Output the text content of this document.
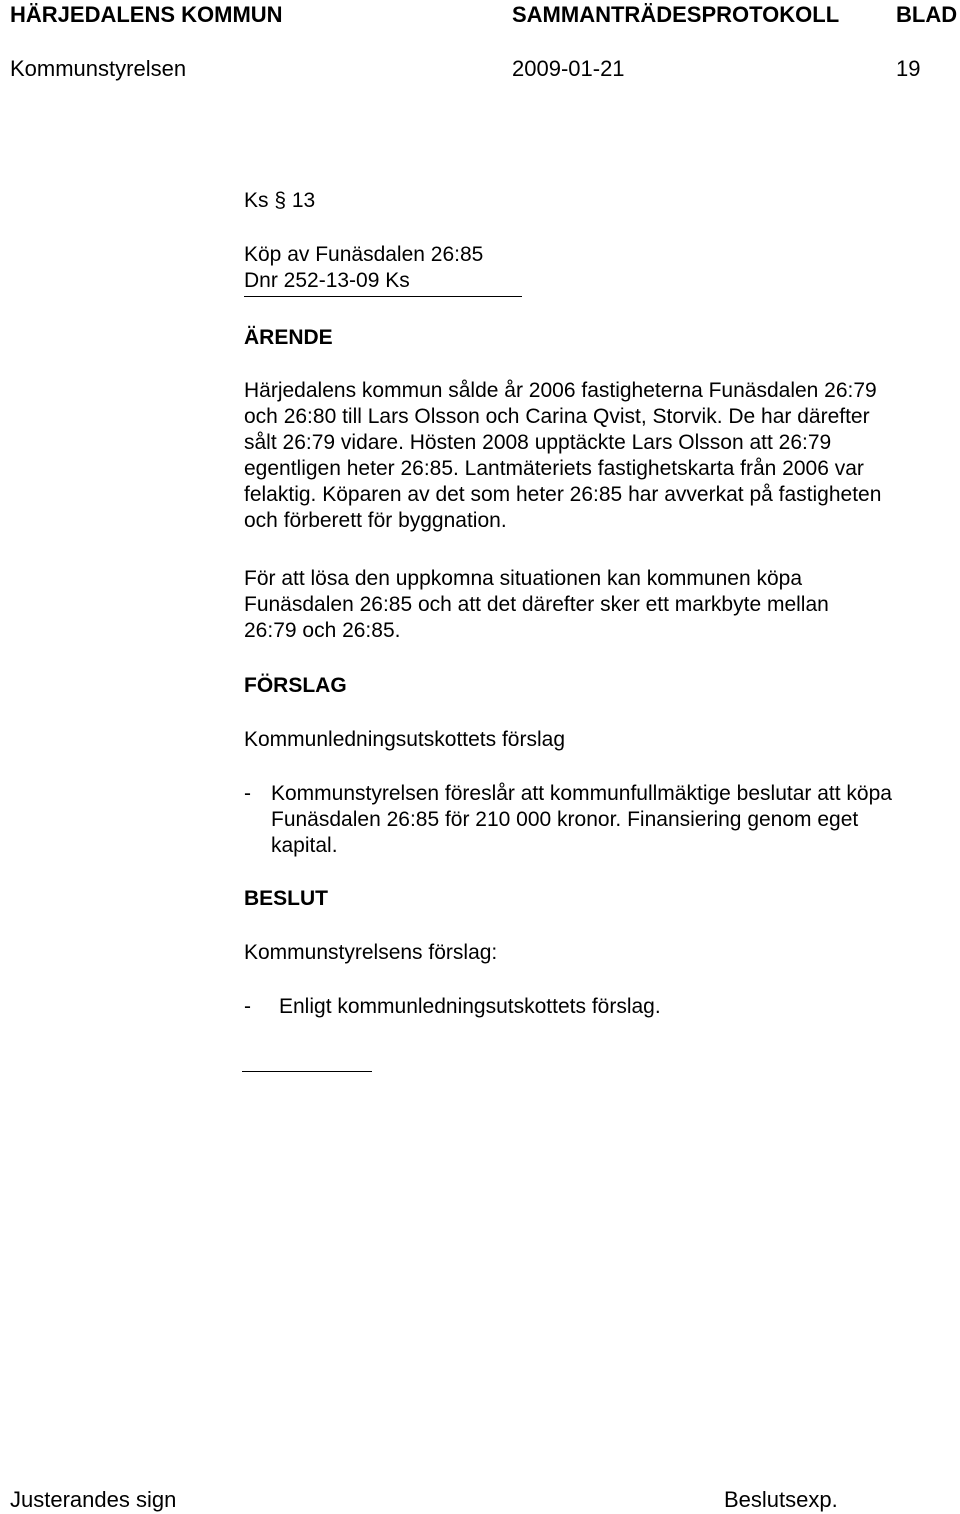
HÄRJEDALENS KOMMUN	SAMMANTRÄDESPROTOKOLL	BLAD
Kommunstyrelsen	2009-01-21	19
Ks § 13
Köp av Funäsdalen 26:85
Dnr 252-13-09 Ks
ÄRENDE
Härjedalens kommun sålde år 2006 fastigheterna Funäsdalen 26:79
och 26:80 till Lars Olsson och Carina Qvist, Storvik. De har därefter
sålt 26:79 vidare. Hösten 2008 upptäckte Lars Olsson att 26:79
egentligen heter 26:85. Lantmäteriets fastighetskarta från 2006 var
felaktig. Köparen av det som heter 26:85 har avverkat på fastigheten
och förberett för byggnation.
För att lösa den uppkomna situationen kan kommunen köpa
Funäsdalen 26:85 och att det därefter sker ett markbyte mellan
26:79 och 26:85.
FÖRSLAG
Kommunledningsutskottets förslag
- Kommunstyrelsen föreslår att kommunfullmäktige beslutar att köpa
Funäsdalen 26:85 för 210 000 kronor. Finansiering genom eget
kapital.
BESLUT
Kommunstyrelsens förslag:
- Enligt kommunledningsutskottets förslag.
Justerandes sign	Beslutsexp.
